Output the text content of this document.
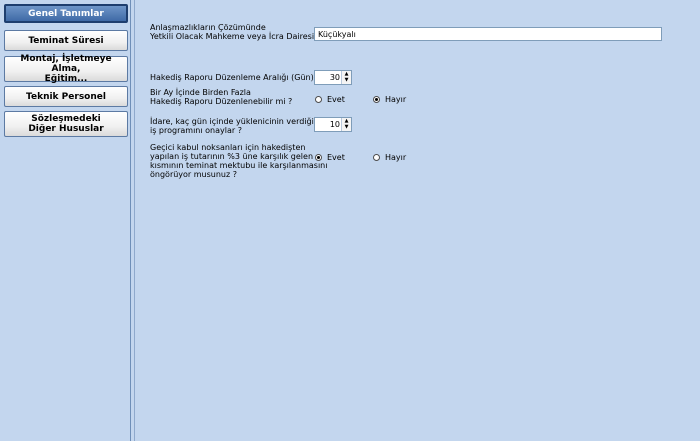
Genel Tanımlar
Teminat Süresi
Montaj, İşletmeye Alma,
Eğitim...
Teknik Personel
Sözleşmedeki
Diğer Hususlar
Anlaşmazlıkların Çözümünde
Yetkili Olacak Mahkeme veya İcra Dairesi Küçükyalı
Hakediş Raporu Düzenleme Aralığı (Gün) 30 ▲
▼
Bir Ay İçinde Birden Fazla
Hakediş Raporu Düzenlenebilir mi ?	Evet	Hayır
İdare, kaç gün içinde yüklenicinin verdiği
iş programını onaylar ?
10 ▲
▼
Geçici kabul noksanları için hakedişten
yapılan iş tutarının %3 üne karşılık gelen
kısmının teminat mektubu ile karşılanmasını
öngörüyor musunuz ?
Evet	Hayır
